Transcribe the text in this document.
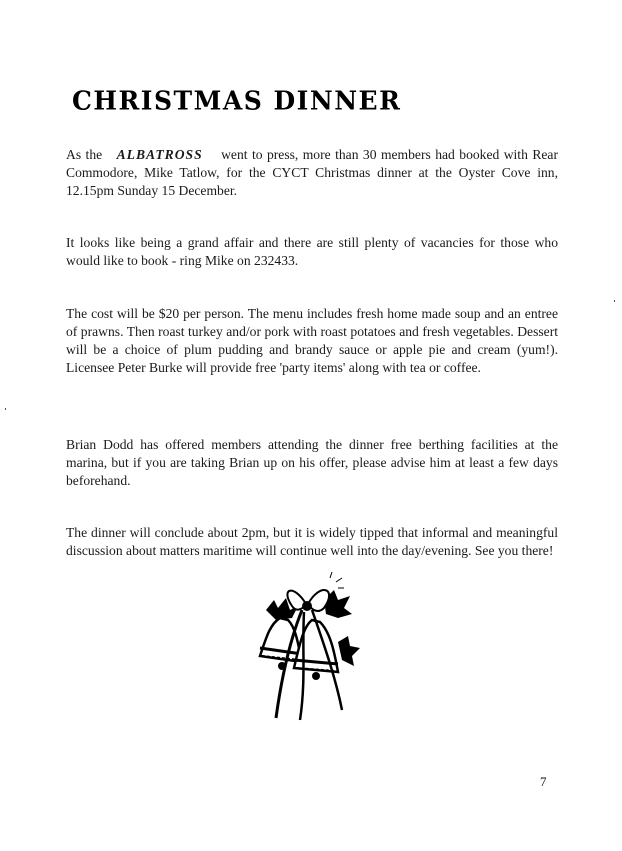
CHRISTMAS DINNER

As the ALBATROSS went to press, more than 30 members had booked with Rear Commodore, Mike Tatlow, for the CYCT Christmas dinner at the Oyster Cove inn, 12.15pm Sunday 15 December.

It looks like being a grand affair and there are still plenty of vacancies for those who would like to book - ring Mike on 232433.

The cost will be $20 per person. The menu includes fresh home made soup and an entree of prawns. Then roast turkey and/or pork with roast potatoes and fresh vegetables. Dessert will be a choice of plum pudding and brandy sauce or apple pie and cream (yum!). Licensee Peter Burke will provide free 'party items' along with tea or coffee.

Brian Dodd has offered members attending the dinner free berthing facilities at the marina, but if you are taking Brian up on his offer, please advise him at least a few days beforehand.

The dinner will conclude about 2pm, but it is widely tipped that informal and meaningful discussion about matters maritime will continue well into the day/evening. See you there!

7
